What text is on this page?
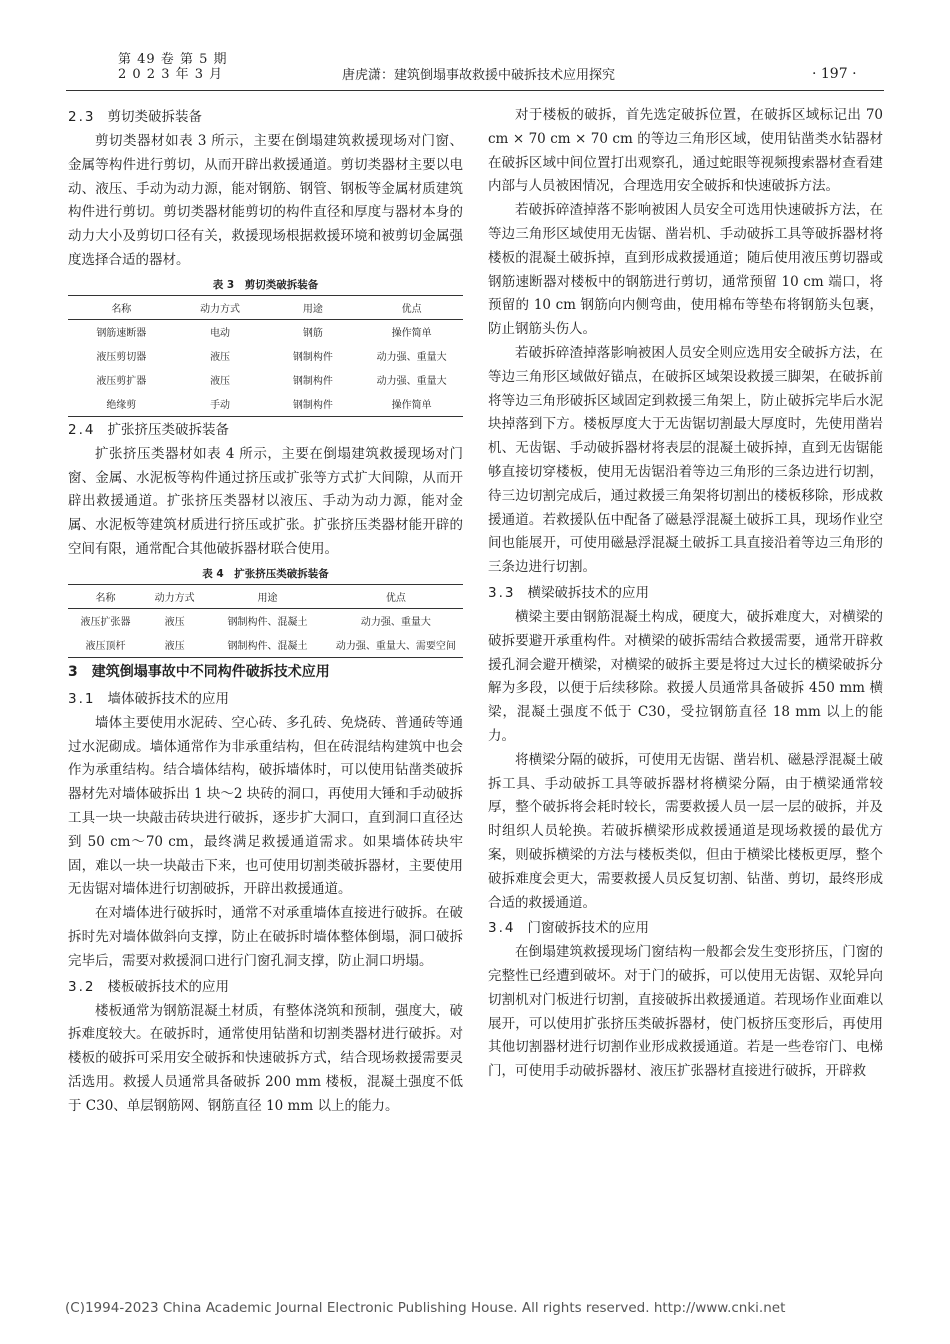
第 49 卷 第 5 期
2 0 2 3 年 3 月	唐虎潇：建筑倒塌事故救援中破拆技术应用探究	· 197 ·
2.3 剪切类破拆装备

剪切类器材如表 3 所示，主要在倒塌建筑救援现场对门窗、金属等构件进行剪切，从而开辟出救援通道。剪切类器材主要以电动、液压、手动为动力源，能对钢筋、钢管、钢板等金属材质建筑构件进行剪切。剪切类器材能剪切的构件直径和厚度与器材本身的动力大小及剪切口径有关，救援现场根据救援环境和被剪切金属强度选择合适的器材。

表 3　剪切类破拆装备
名称	动力方式	用途	优点
钢筋速断器	电动	钢筋	操作简单
液压剪切器	液压	钢制构件	动力强、重量大
液压剪扩器	液压	钢制构件	动力强、重量大
绝缘剪	手动	钢制构件	操作简单
2.4 扩张挤压类破拆装备

扩张挤压类器材如表 4 所示，主要在倒塌建筑救援现场对门窗、金属、水泥板等构件通过挤压或扩张等方式扩大间隙，从而开辟出救援通道。扩张挤压类器材以液压、手动为动力源，能对金属、水泥板等建筑材质进行挤压或扩张。扩张挤压类器材能开辟的空间有限，通常配合其他破拆器材联合使用。

表 4　扩张挤压类破拆装备
名称	动力方式	用途	优点
液压扩张器	液压	钢制构件、混凝土	动力强、重量大
液压顶杆	液压	钢制构件、混凝土	动力强、重量大、需要空间
3 建筑倒塌事故中不同构件破拆技术应用
3.1 墙体破拆技术的应用

墙体主要使用水泥砖、空心砖、多孔砖、免烧砖、普通砖等通过水泥砌成。墙体通常作为非承重结构，但在砖混结构建筑中也会作为承重结构。结合墙体结构，破拆墙体时，可以使用钻凿类破拆器材先对墙体破拆出 1 块～2 块砖的洞口，再使用大锤和手动破拆工具一块一块敲击砖块进行破拆，逐步扩大洞口，直到洞口直径达到 50 cm～70 cm，最终满足救援通道需求。如果墙体砖块牢固，难以一块一块敲击下来，也可使用切割类破拆器材，主要使用无齿锯对墙体进行切割破拆，开辟出救援通道。

在对墙体进行破拆时，通常不对承重墙体直接进行破拆。在破拆时先对墙体做斜向支撑，防止在破拆时墙体整体倒塌，洞口破拆完毕后，需要对救援洞口进行门窗孔洞支撑，防止洞口坍塌。

3.2 楼板破拆技术的应用

楼板通常为钢筋混凝土材质，有整体浇筑和预制，强度大，破拆难度较大。在破拆时，通常使用钻凿和切割类器材进行破拆。对楼板的破拆可采用安全破拆和快速破拆方式，结合现场救援需要灵活选用。救援人员通常具备破拆 200 mm 楼板，混凝土强度不低于 C30、单层钢筋网、钢筋直径 10 mm 以上的能力。

对于楼板的破拆，首先选定破拆位置，在破拆区域标记出 70 cm × 70 cm × 70 cm 的等边三角形区域，使用钻凿类水钻器材在破拆区域中间位置打出观察孔，通过蛇眼等视频搜索器材查看建内部与人员被困情况，合理选用安全破拆和快速破拆方法。

若破拆碎渣掉落不影响被困人员安全可选用快速破拆方法，在等边三角形区域使用无齿锯、凿岩机、手动破拆工具等破拆器材将楼板的混凝土破拆掉，直到形成救援通道；随后使用液压剪切器或钢筋速断器对楼板中的钢筋进行剪切，通常预留 10 cm 端口，将预留的 10 cm 钢筋向内侧弯曲，使用棉布等垫布将钢筋头包裹，防止钢筋头伤人。

若破拆碎渣掉落影响被困人员安全则应选用安全破拆方法，在等边三角形区域做好锚点，在破拆区域架设救援三脚架，在破拆前将等边三角形破拆区域固定到救援三角架上，防止破拆完毕后水泥块掉落到下方。楼板厚度大于无齿锯切割最大厚度时，先使用凿岩机、无齿锯、手动破拆器材将表层的混凝土破拆掉，直到无齿锯能够直接切穿楼板，使用无齿锯沿着等边三角形的三条边进行切割，待三边切割完成后，通过救援三角架将切割出的楼板移除，形成救援通道。若救援队伍中配备了磁悬浮混凝土破拆工具，现场作业空间也能展开，可使用磁悬浮混凝土破拆工具直接沿着等边三角形的三条边进行切割。

3.3 横梁破拆技术的应用

横梁主要由钢筋混凝土构成，硬度大，破拆难度大，对横梁的破拆要避开承重构件。对横梁的破拆需结合救援需要，通常开辟救援孔洞会避开横梁，对横梁的破拆主要是将过大过长的横梁破拆分解为多段，以便于后续移除。救援人员通常具备破拆 450 mm 横梁，混凝土强度不低于 C30，受拉钢筋直径 18 mm 以上的能力。

将横梁分隔的破拆，可使用无齿锯、凿岩机、磁悬浮混凝土破拆工具、手动破拆工具等破拆器材将横梁分隔，由于横梁通常较厚，整个破拆将会耗时较长，需要救援人员一层一层的破拆，并及时组织人员轮换。若破拆横梁形成救援通道是现场救援的最优方案，则破拆横梁的方法与楼板类似，但由于横梁比楼板更厚，整个破拆难度会更大，需要救援人员反复切割、钻凿、剪切，最终形成合适的救援通道。

3.4 门窗破拆技术的应用

在倒塌建筑救援现场门窗结构一般都会发生变形挤压，门窗的完整性已经遭到破坏。对于门的破拆，可以使用无齿锯、双轮异向切割机对门板进行切割，直接破拆出救援通道。若现场作业面难以展开，可以使用扩张挤压类破拆器材，使门板挤压变形后，再使用其他切割器材进行切割作业形成救援通道。若是一些卷帘门、电梯门，可使用手动破拆器材、液压扩张器材直接进行破拆，开辟救

(C)1994-2023 China Academic Journal Electronic Publishing House. All rights reserved. http://www.cnki.net
